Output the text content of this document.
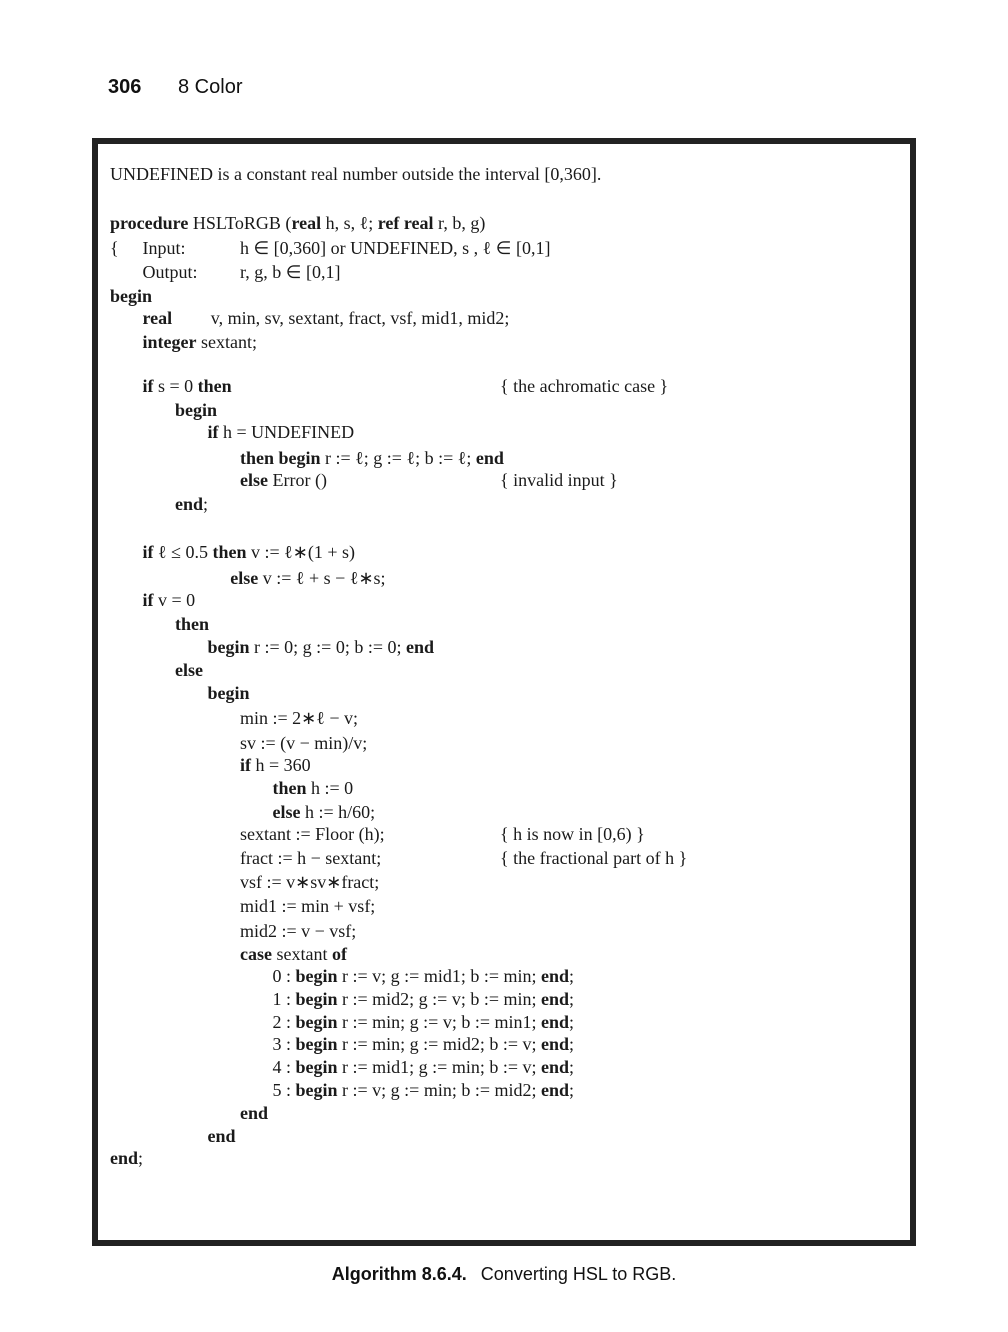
306 8 Color
UNDEFINED is a constant real number outside the interval [0,360].
procedure HSLToRGB (real h, s, ℓ; ref real r, b, g)
{ Input:	h ∈ [0,360] or UNDEFINED, s , ℓ ∈ [0,1]
Output: r, g, b ∈ [0,1]
begin
real v, min, sv, sextant, fract, vsf, mid1, mid2;
integer sextant;
if s = 0 then
begin
if h = UNDEFINED
then begin r := ℓ; g := ℓ; b := ℓ; end
else Error ()
end;
if ℓ ≤ 0.5 then v := ℓ∗(1 + s)
else v := ℓ + s − ℓ∗s;
if v = 0
then
begin r := 0; g := 0; b := 0; end
else
begin
min := 2∗ℓ − v;
sv := (v − min)/v;
if h = 360
then h := 0
else h := h/60;
sextant := Floor (h);
fract := h − sextant;
vsf := v∗sv∗fract;
mid1 := min + vsf;
mid2 := v − vsf;
case sextant of
0 : begin r := v; g := mid1; b := min; end;
1 : begin r := mid2; g := v; b := min; end;
2 : begin r := min; g := v; b := min1; end;
3 : begin r := min; g := mid2; b := v; end;
4 : begin r := mid1; g := min; b := v; end;
5 : begin r := v; g := min; b := mid2; end;
end
end
end;
{ the achromatic case }
{ invalid input }
{ h is now in [0,6) }
{ the fractional part of h }
Algorithm 8.6.4. Converting HSL to RGB.
